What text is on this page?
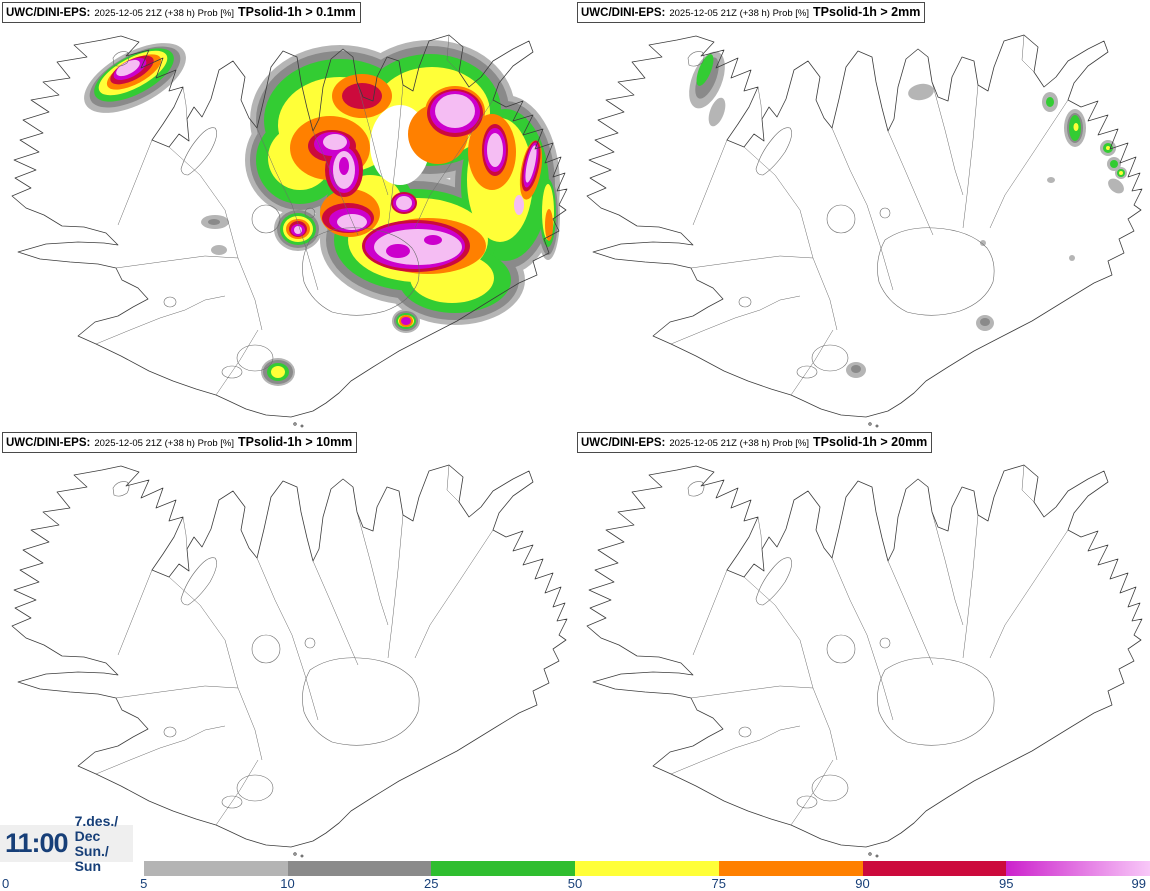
UWC/DINI-EPS: 2025-12-05 21Z (+38 h) Prob [%] TPsolid-1h > 0.1mm	UWC/DINI-EPS: 2025-12-05 21Z (+38 h) Prob [%] TPsolid-1h > 2mm
UWC/DINI-EPS: 2025-12-05 21Z (+38 h) Prob [%] TPsolid-1h > 10mm	UWC/DINI-EPS: 2025-12-05 21Z (+38 h) Prob [%] TPsolid-1h > 20mm
11:00
7.des./ Dec
Sun./ Sun
0	5	10	25	50	75	90	95	99
